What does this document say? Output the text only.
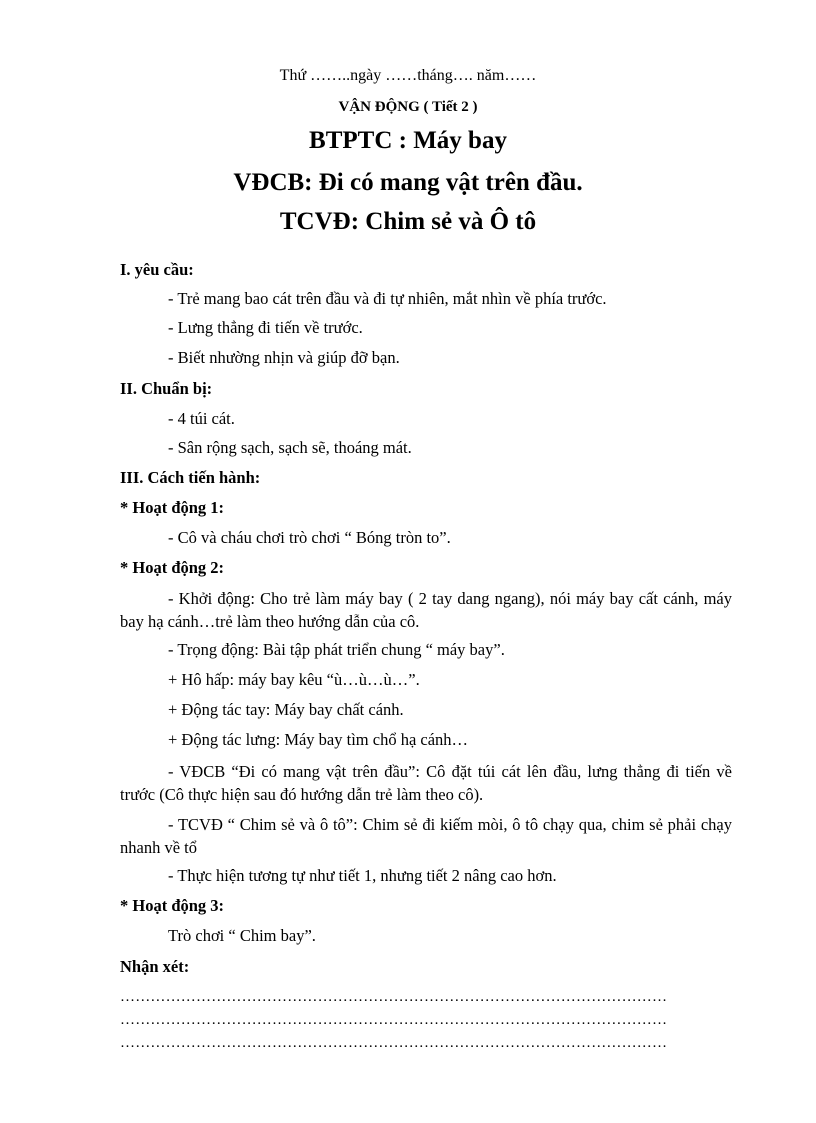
Thứ ……..ngày ……tháng…. năm……
VẬN ĐỘNG ( Tiết 2 )
BTPTC : Máy bay
VĐCB: Đi có mang vật trên đầu.
TCVĐ: Chim sẻ và Ô tô
I. yêu cầu:
- Trẻ mang bao cát trên đầu và đi tự nhiên, mắt nhìn về phía trước.
- Lưng thẳng đi tiến về trước.
- Biết nhường nhịn và giúp đỡ bạn.
II. Chuẩn bị:
- 4 túi cát.
- Sân rộng sạch, sạch sẽ, thoáng mát.
III. Cách tiến hành:
* Hoạt động 1:
- Cô và cháu chơi trò chơi “ Bóng tròn to”.
* Hoạt động 2:
- Khởi động: Cho trẻ làm máy bay ( 2 tay dang ngang), nói máy bay cất cánh, máy bay hạ cánh…trẻ làm theo hướng dẫn của cô.
- Trọng động: Bài tập phát triển chung “ máy bay”.
+ Hô hấp: máy bay kêu “ù…ù…ù…”.
+ Động tác tay: Máy bay chất cánh.
+ Động tác lưng: Máy bay tìm chổ hạ cánh…
- VĐCB “Đi có mang vật trên đầu”: Cô đặt túi cát lên đầu, lưng thẳng đi tiến về trước (Cô thực hiện sau đó hướng dẫn trẻ làm theo cô).
- TCVĐ “ Chim sẻ và ô tô”: Chim sẻ đi kiếm mòi, ô tô chạy qua, chim sẻ phải chạy nhanh về tổ
- Thực hiện tương tự như tiết 1, nhưng tiết 2 nâng cao hơn.
* Hoạt động 3:
Trò chơi “ Chim bay”.
Nhận xét:
………………………………………………………………………………………………
………………………………………………………………………………………………
………………………………………………………………………………………………
